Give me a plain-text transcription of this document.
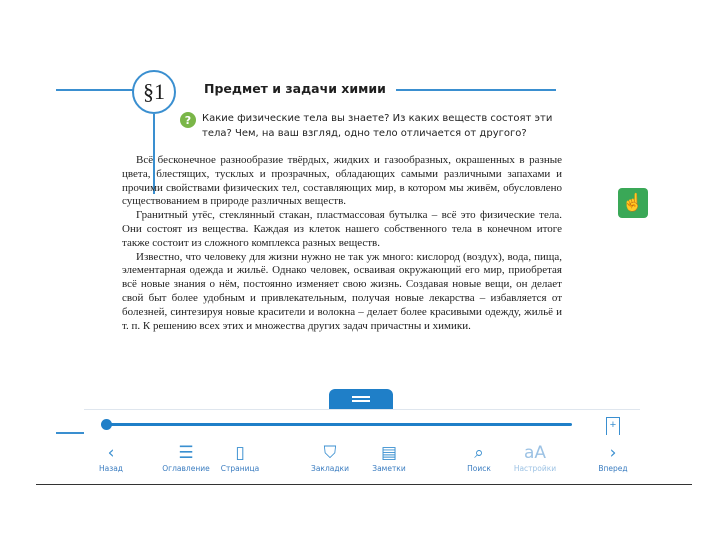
§1	Предмет и задачи химии
?	Какие физические тела вы знаете? Из каких веществ состоят эти тела? Чем, на ваш взгляд, одно тело отличается от другого?

Всё бесконечное разнообразие твёрдых, жидких и газообразных, окрашенных в разные цвета, блестящих, тусклых и прозрачных, обладающих самыми различными запахами и прочими свойствами физических тел, составляющих мир, в котором мы живём, обусловлено существованием в природе различных веществ.

Гранитный утёс, стеклянный стакан, пластмассовая бутылка – всё это физические тела. Они состоят из вещества. Каждая из клеток нашего собственного тела в конечном итоге также состоит из сложного комплекса разных веществ.

Известно, что человеку для жизни нужно не так уж много: кислород (воздух), вода, пища, элементарная одежда и жильё. Однако человек, осваивая окружающий его мир, приобретая всё новые знания о нём, постоянно изменяет свою жизнь. Создавая новые вещи, он делает свой быт более удобным и привлекательным, получая новые лекарства – избавляется от болезней, синтезируя новые красители и волокна – делает более красивыми одежду, жильё и т. п. К решению всех этих и множества других задач причастны и химики.

☝
+
‹
Назад
☰
Оглавление
▯
Страница
⛉
Закладки
▤
Заметки
⌕
Поиск
аА
Настройки
›
Вперед
